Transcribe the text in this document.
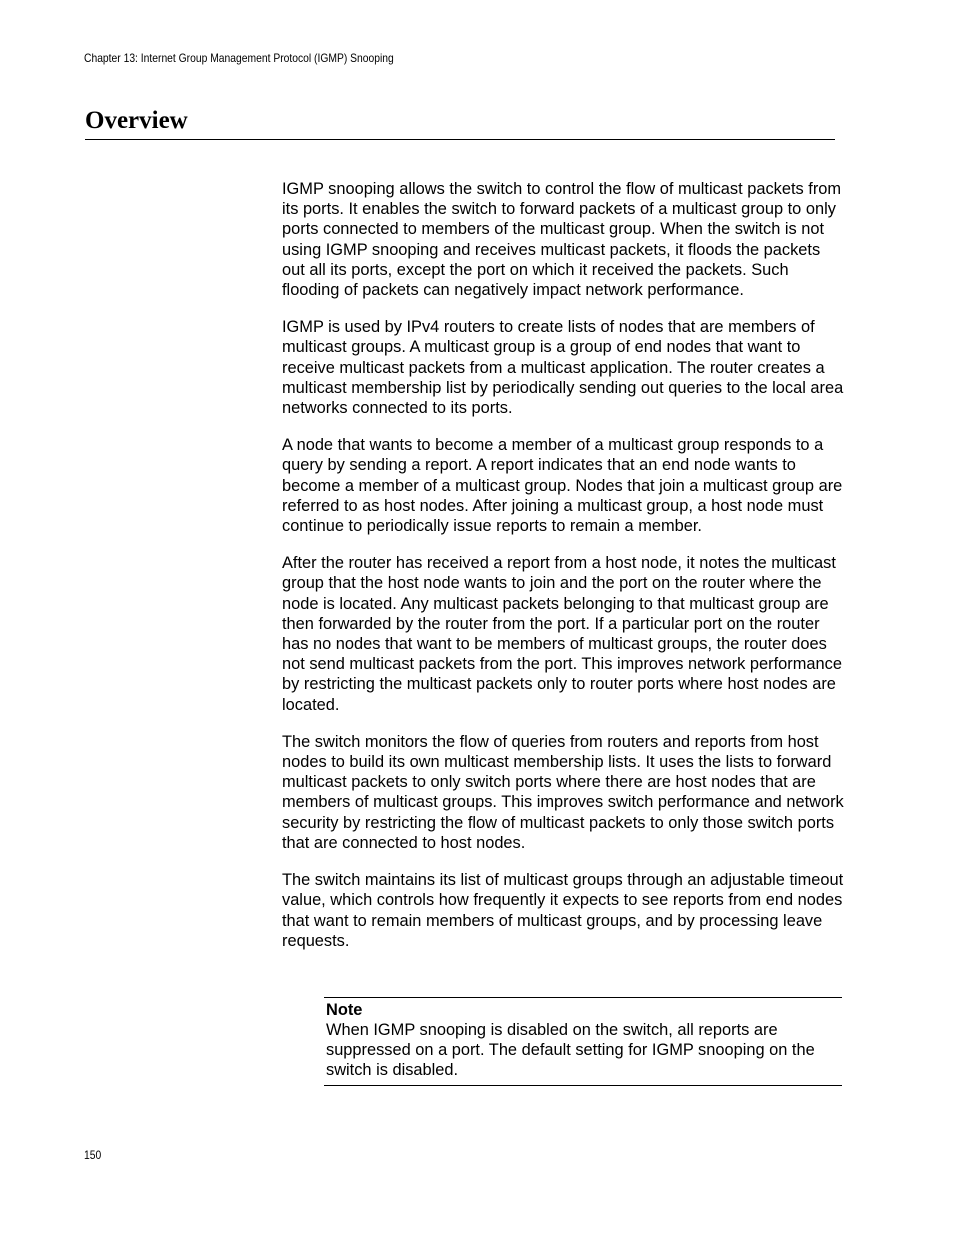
Chapter 13: Internet Group Management Protocol (IGMP) Snooping
Overview

IGMP snooping allows the switch to control the flow of multicast packets from its ports. It enables the switch to forward packets of a multicast group to only ports connected to members of the multicast group. When the switch is not using IGMP snooping and receives multicast packets, it floods the packets out all its ports, except the port on which it received the packets. Such flooding of packets can negatively impact network performance.

IGMP is used by IPv4 routers to create lists of nodes that are members of multicast groups. A multicast group is a group of end nodes that want to receive multicast packets from a multicast application. The router creates a multicast membership list by periodically sending out queries to the local area networks connected to its ports.

A node that wants to become a member of a multicast group responds to a query by sending a report. A report indicates that an end node wants to become a member of a multicast group. Nodes that join a multicast group are referred to as host nodes. After joining a multicast group, a host node must continue to periodically issue reports to remain a member.

After the router has received a report from a host node, it notes the multicast group that the host node wants to join and the port on the router where the node is located. Any multicast packets belonging to that multicast group are then forwarded by the router from the port. If a particular port on the router has no nodes that want to be members of multicast groups, the router does not send multicast packets from the port. This improves network performance by restricting the multicast packets only to router ports where host nodes are located.

The switch monitors the flow of queries from routers and reports from host nodes to build its own multicast membership lists. It uses the lists to forward multicast packets to only switch ports where there are host nodes that are members of multicast groups. This improves switch performance and network security by restricting the flow of multicast packets to only those switch ports that are connected to host nodes.

The switch maintains its list of multicast groups through an adjustable timeout value, which controls how frequently it expects to see reports from end nodes that want to remain members of multicast groups, and by processing leave requests.

Note

When IGMP snooping is disabled on the switch, all reports are suppressed on a port. The default setting for IGMP snooping on the switch is disabled.

150
